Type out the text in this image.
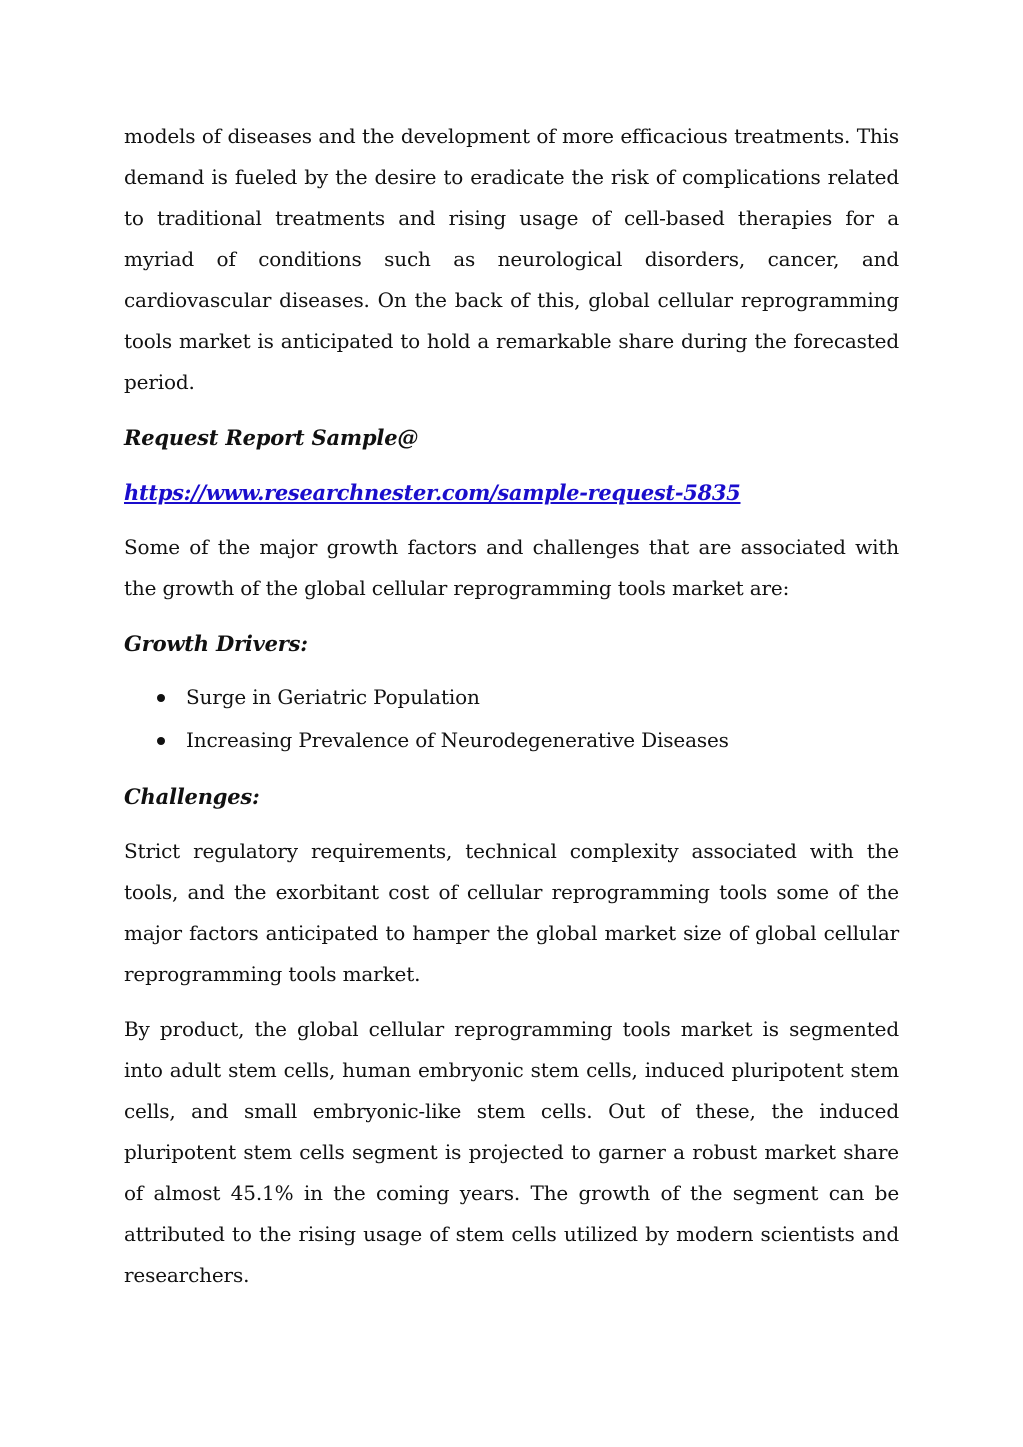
models of diseases and the development of more efficacious treatments. This demand is fueled by the desire to eradicate the risk of complications related to traditional treatments and rising usage of cell-based therapies for a myriad of conditions such as neurological disorders, cancer, and cardiovascular diseases. On the back of this, global cellular reprogramming tools market is anticipated to hold a remarkable share during the forecasted period.

Request Report Sample@

https://www.researchnester.com/sample-request-5835

Some of the major growth factors and challenges that are associated with the growth of the global cellular reprogramming tools market are:

Growth Drivers:

Surge in Geriatric Population
Increasing Prevalence of Neurodegenerative Diseases

Challenges:

Strict regulatory requirements, technical complexity associated with the tools, and the exorbitant cost of cellular reprogramming tools some of the major factors anticipated to hamper the global market size of global cellular reprogramming tools market.

By product, the global cellular reprogramming tools market is segmented into adult stem cells, human embryonic stem cells, induced pluripotent stem cells, and small embryonic-like stem cells. Out of these, the induced pluripotent stem cells segment is projected to garner a robust market share of almost 45.1% in the coming years. The growth of the segment can be attributed to the rising usage of stem cells utilized by modern scientists and researchers.
